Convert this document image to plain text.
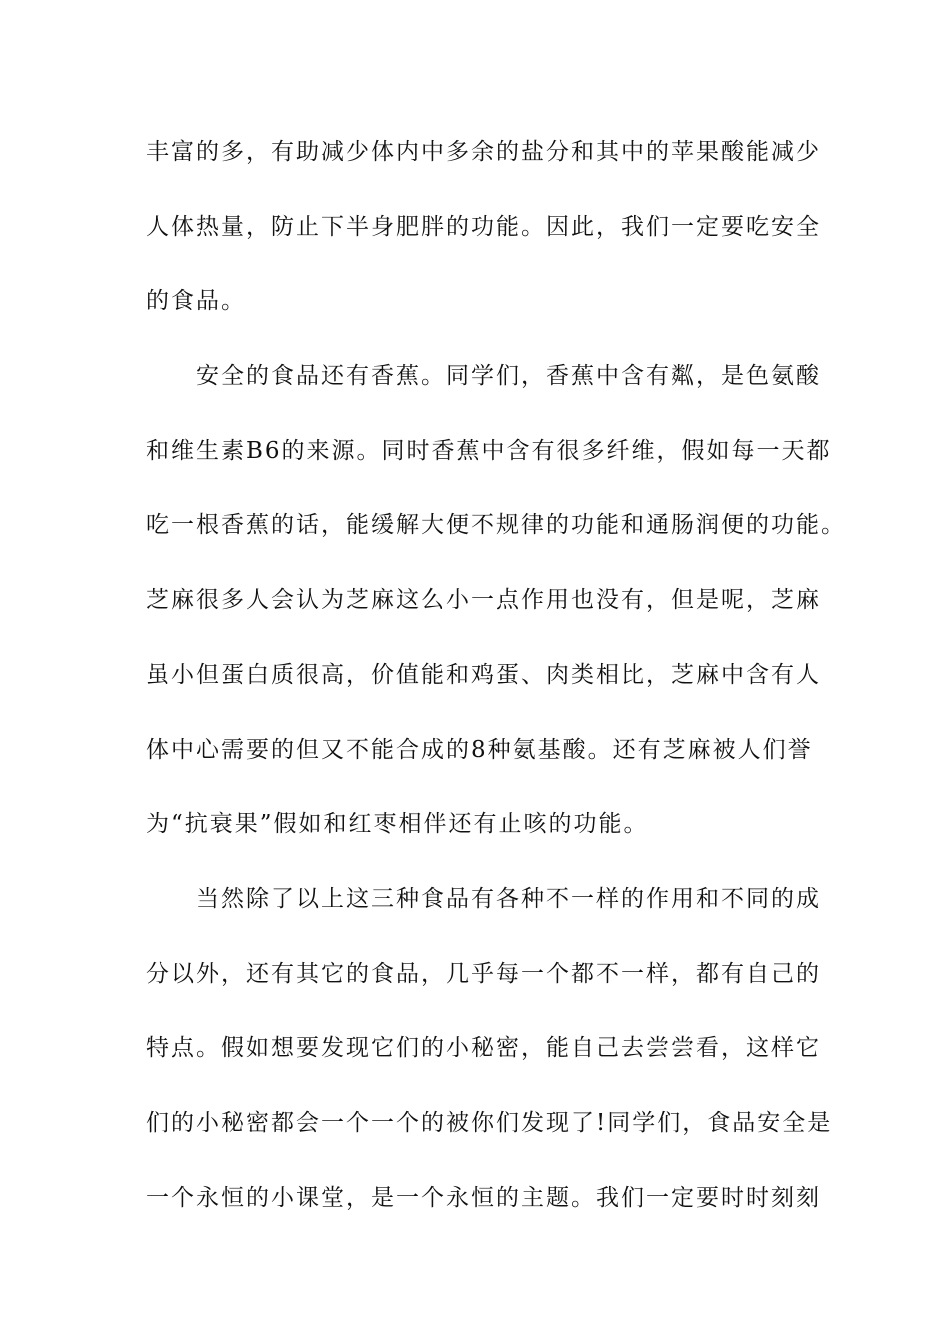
丰富的多，有助减少体内中多余的盐分和其中的苹果酸能减少
人体热量，防止下半身肥胖的功能。因此，我们一定要吃安全
的食品。
安全的食品还有香蕉。同学们，香蕉中含有粼，是色氨酸
和维生素B6的来源。同时香蕉中含有很多纤维，假如每一天都
吃一根香蕉的话，能缓解大便不规律的功能和通肠润便的功能。
芝麻很多人会认为芝麻这么小一点作用也没有，但是呢，芝麻
虽小但蛋白质很高，价值能和鸡蛋、肉类相比，芝麻中含有人
体中心需要的但又不能合成的8种氨基酸。还有芝麻被人们誉
为“抗衰果”假如和红枣相伴还有止咳的功能。
当然除了以上这三种食品有各种不一样的作用和不同的成
分以外，还有其它的食品，几乎每一个都不一样，都有自己的
特点。假如想要发现它们的小秘密，能自己去尝尝看，这样它
们的小秘密都会一个一个的被你们发现了!同学们，食品安全是
一个永恒的小课堂，是一个永恒的主题。我们一定要时时刻刻
